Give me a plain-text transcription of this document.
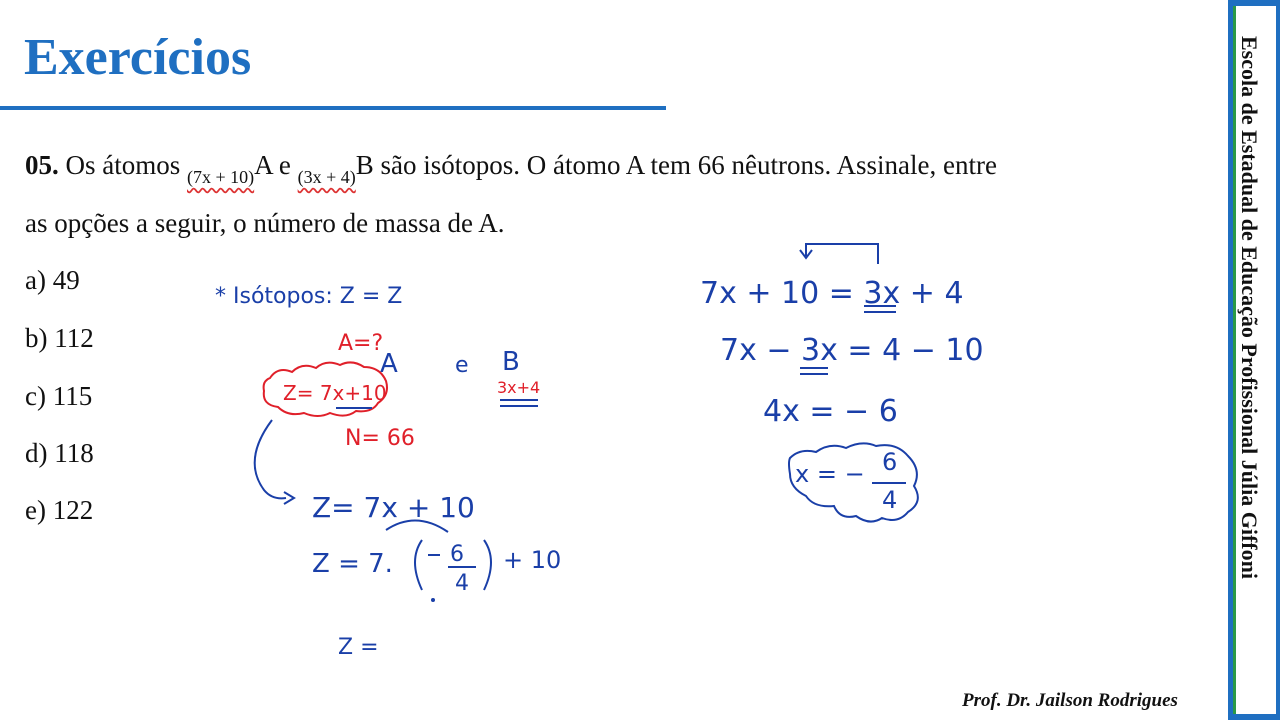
Exercícios	Escola de Estadual de Educação Profissional Júlia Giffoni
05. Os átomos $_{(7x + 10)}$A e $_{(3x + 4)}$B são isótopos. O átomo A tem 66 nêutrons. Assinale, entre
as opções a seguir, o número de massa de A.
a) 49
b) 112
c) 115
d) 118
e) 122
Prof. Dr. Jailson Rodrigues
* Isótopos: Z = Z
A	e B
Z= 7x + 10
Z = 7.	6
4
+ 10
Z =
7x + 10 = 3x + 4
7x − 3x = 4 − 10
4x = − 6
x = − 6
4
A=?
3x+4
Z= 7x+10
N= 66
